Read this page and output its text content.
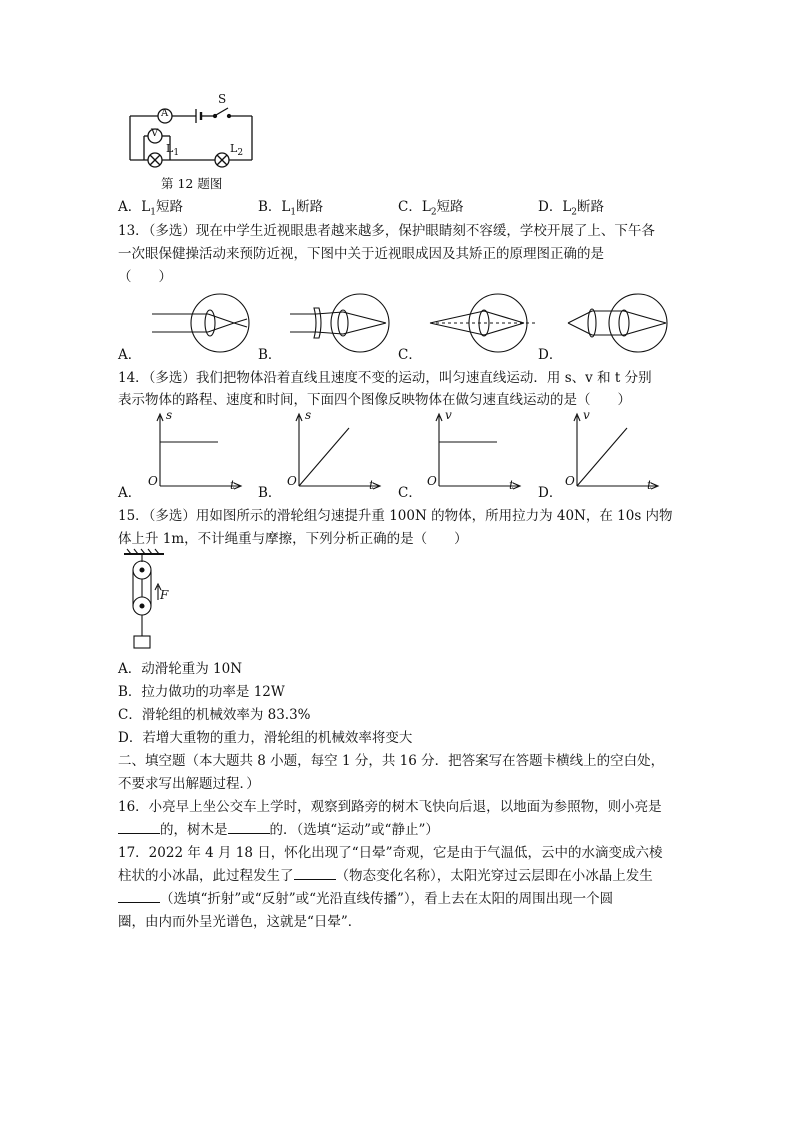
A
V
S
$L_1$	$L_2$
第 12 题图
A．$L_1$短路	B．$L_1$断路	C．$L_2$短路	D．$L_2$断路
13．（多选）现在中学生近视眼患者越来越多，保护眼睛刻不容缓，学校开展了上、下午各
一次眼保健操活动来预防近视，下图中关于近视眼成因及其矫正的原理图正确的是
（　　）
A．	B．	C．	D．
14．（多选）我们把物体沿着直线且速度不变的运动，叫匀速直线运动．用 s、v 和 t 分别
表示物体的路程、速度和时间，下面四个图像反映物体在做匀速直线运动的是（　　）
s
O	t
s
O	t
v
O	t
v
O	t
A．	B．	C．	D．
15．（多选）用如图所示的滑轮组匀速提升重 100N 的物体，所用拉力为 40N，在 10s 内物
体上升 1m，不计绳重与摩擦，下列分析正确的是（　　）
F
A．动滑轮重为 10N
B．拉力做功的功率是 12W
C．滑轮组的机械效率为 83.3%
D．若增大重物的重力，滑轮组的机械效率将变大
二、填空题（本大题共 8 小题，每空 1 分，共 16 分．把答案写在答题卡横线上的空白处，
不要求写出解题过程．）
16．小亮早上坐公交车上学时，观察到路旁的树木飞快向后退，以地面为参照物，则小亮是
的，树木是	的．（选填“运动”或“静止”）
17．2022 年 4 月 18 日，怀化出现了“日晕”奇观，它是由于气温低，云中的水滴变成六棱
柱状的小冰晶，此过程发生了	（物态变化名称），太阳光穿过云层即在小冰晶上发生
（选填“折射”或“反射”或“光沿直线传播”），看上去在太阳的周围出现一个圆
圈，由内而外呈光谱色，这就是“日晕”．
